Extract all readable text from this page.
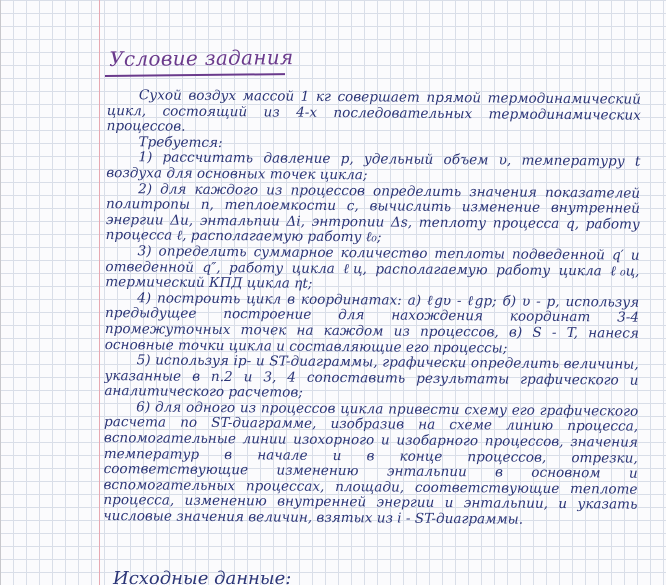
Условие задания

Сухой воздух массой 1 кг совершает прямой термодинамический цикл, состоящий из 4-х последовательных термодинамических процессов.

Требуется:

1) рассчитать давление р, удельный объем υ, температуру t воздуха для основных точек цикла;

2) для каждого из процессов определить значения показателей политропы n, теплоемкости c, вычислить изменение внутренней энергии Δu, энтальпии Δi, энтропии Δs, теплоту процесса q, работу процесса ℓ, располагаемую работу ℓ₀;

3) определить суммарное количество теплоты подведенной q′ и отведенной q″, работу цикла ℓц, располагаемую работу цикла ℓ₀ц, термический КПД цикла ηt;

4) построить цикл в координатах: а) ℓgυ - ℓgр; б) υ - р, используя предыдущее построение для нахождения координат 3-4 промежуточных точек на каждом из процессов, в) S - T, нанеся основные точки цикла и составляющие его процессы;

5) используя ip- и ST-диаграммы, графически определить величины, указанные в п.2 и 3, 4 сопоставить результаты графического и аналитического расчетов;

6) для одного из процессов цикла привести схему его графического расчета по ST-диаграмме, изобразив на схеме линию процесса, вспомогательные линии изохорного и изобарного процессов, значения температур в начале и в конце процессов, отрезки, соответствующие изменению энтальпии в основном и вспомогательных процессах, площади, соответствующие теплоте процесса, изменению внутренней энергии и энтальпии, и указать числовые значения величин, взятых из i - ST-диаграммы.

Исходные данные:
